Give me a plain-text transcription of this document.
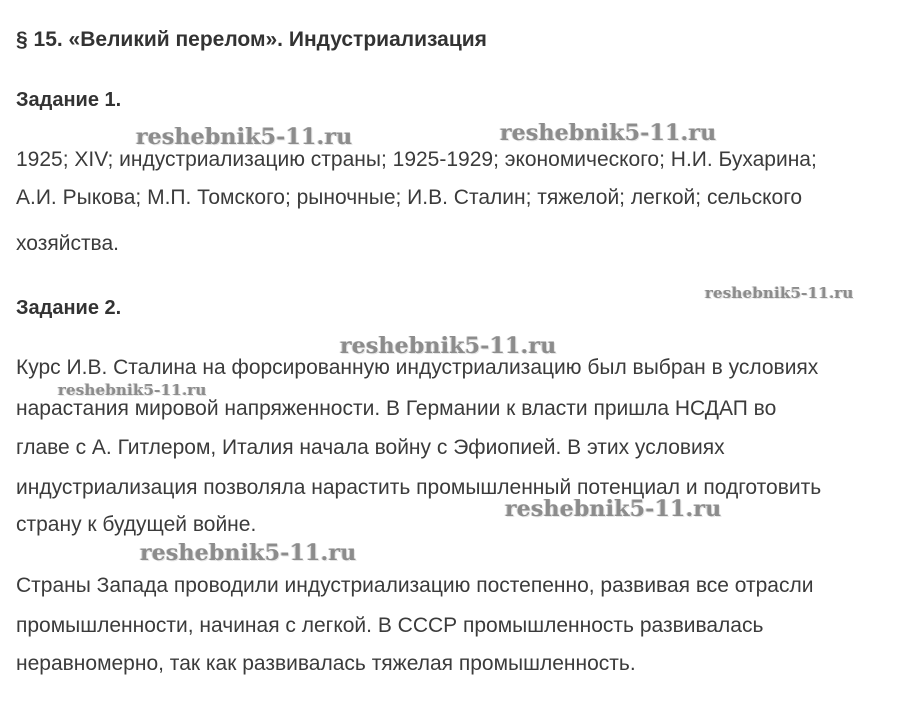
§ 15. «Великий перелом». Индустриализация
Задание 1.
1925; XIV; индустриализацию страны; 1925-1929; экономического; Н.И. Бухарина;
А.И. Рыкова; М.П. Томского; рыночные; И.В. Сталин; тяжелой; легкой; сельского
хозяйства.
Задание 2.
Курс И.В. Сталина на форсированную индустриализацию был выбран в условиях
нарастания мировой напряженности. В Германии к власти пришла НСДАП во
главе с А. Гитлером, Италия начала войну с Эфиопией. В этих условиях
индустриализация позволяла нарастить промышленный потенциал и подготовить
страну к будущей войне.
Страны Запада проводили индустриализацию постепенно, развивая все отрасли
промышленности, начиная с легкой. В СССР промышленность развивалась
неравномерно, так как развивалась тяжелая промышленность.
reshebnik5-11.ru	reshebnik5-11.ru
reshebnik5-11.ru
reshebnik5-11.ru
reshebnik5-11.ru
reshebnik5-11.ru
reshebnik5-11.ru
